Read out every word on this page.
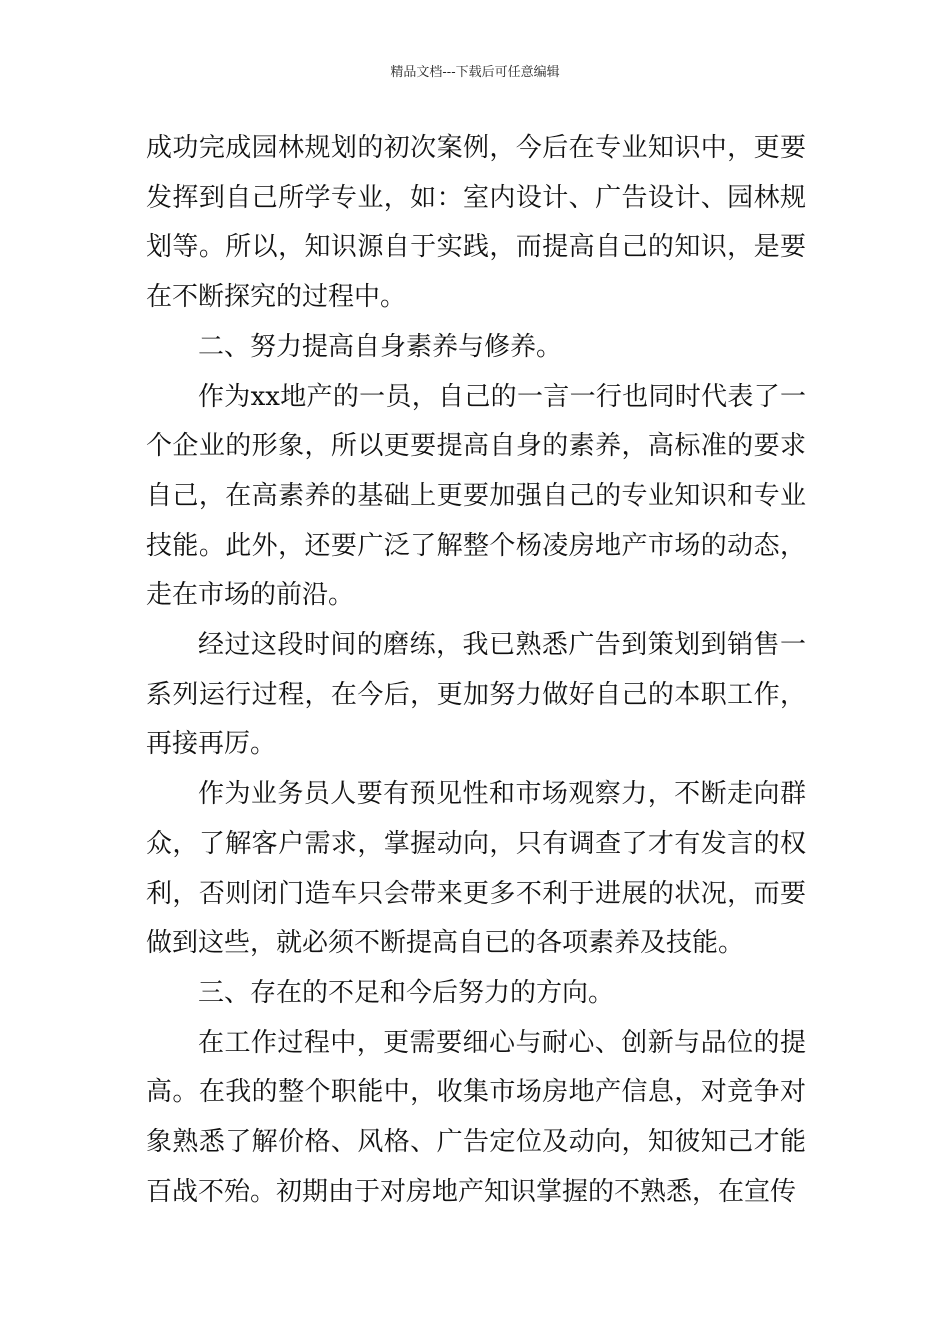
精品文档---下载后可任意编辑

成功完成园林规划的初次案例，今后在专业知识中，更要发挥到自己所学专业，如：室内设计、广告设计、园林规划等。所以，知识源自于实践，而提高自己的知识，是要在不断探究的过程中。

二、努力提高自身素养与修养。

作为xx地产的一员，自己的一言一行也同时代表了一个企业的形象，所以更要提高自身的素养，高标准的要求自己，在高素养的基础上更要加强自己的专业知识和专业技能。此外，还要广泛了解整个杨凌房地产市场的动态，走在市场的前沿。

经过这段时间的磨练，我已熟悉广告到策划到销售一系列运行过程，在今后，更加努力做好自己的本职工作，再接再厉。

作为业务员人要有预见性和市场观察力，不断走向群众，了解客户需求，掌握动向，只有调查了才有发言的权利，否则闭门造车只会带来更多不利于进展的状况，而要做到这些，就必须不断提高自已的各项素养及技能。

三、存在的不足和今后努力的方向。

在工作过程中，更需要细心与耐心、创新与品位的提高。在我的整个职能中，收集市场房地产信息，对竞争对象熟悉了解价格、风格、广告定位及动向，知彼知己才能百战不殆。初期由于对房地产知识掌握的不熟悉，在宣传
